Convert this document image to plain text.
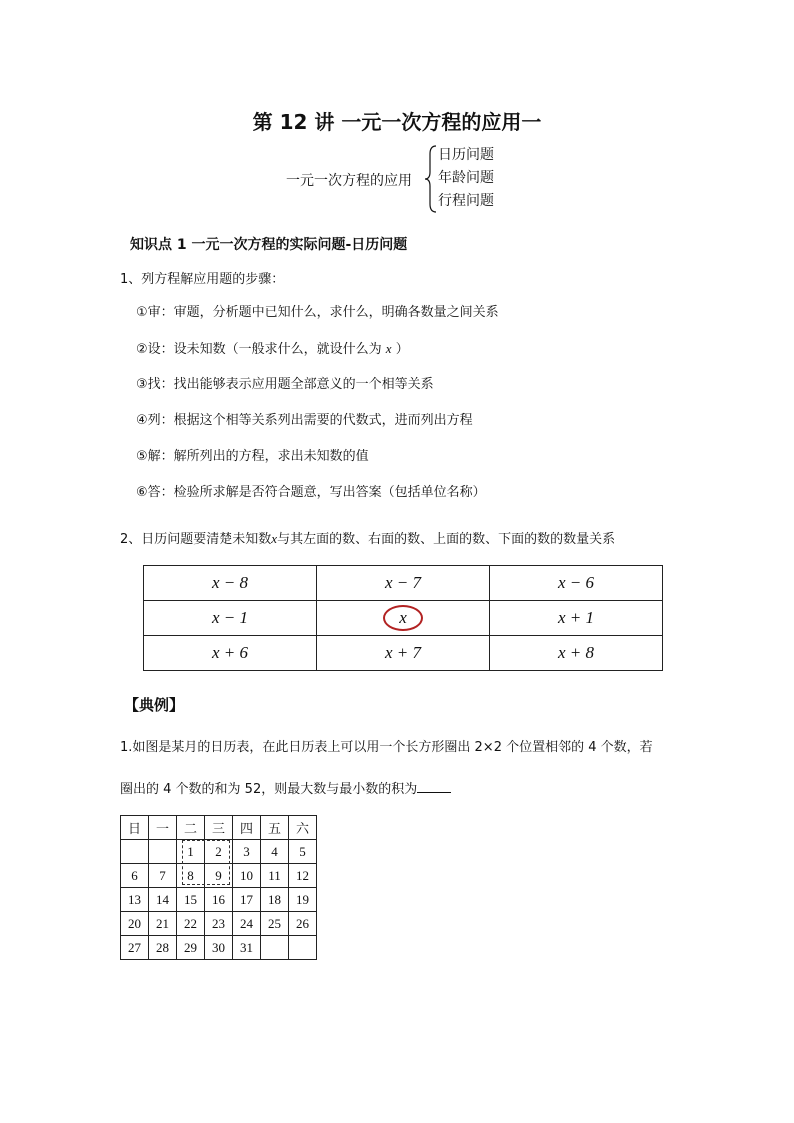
第 12 讲 一元一次方程的应用一
一元一次方程的应用
日历问题
年龄问题
行程问题
知识点 1 一元一次方程的实际问题-日历问题
1、列方程解应用题的步骤：
①审：审题，分析题中已知什么，求什么，明确各数量之间关系
②设：设未知数（一般求什么，就设什么为 x ）
③找：找出能够表示应用题全部意义的一个相等关系
④列：根据这个相等关系列出需要的代数式，进而列出方程
⑤解：解所列出的方程，求出未知数的值
⑥答：检验所求解是否符合题意，写出答案（包括单位名称）
2、日历问题要清楚未知数x与其左面的数、右面的数、上面的数、下面的数的数量关系
x − 8	x − 7	x − 6
x − 1	x	x + 1
x + 6	x + 7	x + 8
【典例】
1.如图是某月的日历表，在此日历表上可以用一个长方形圈出 2×2 个位置相邻的 4 个数，若
圈出的 4 个数的和为 52，则最大数与最小数的积为
日	一	二	三	四	五	六
		1	2	3	4	5
6	7	8	9	10	11	12
13	14	15	16	17	18	19
20	21	22	23	24	25	26
27	28	29	30	31		
